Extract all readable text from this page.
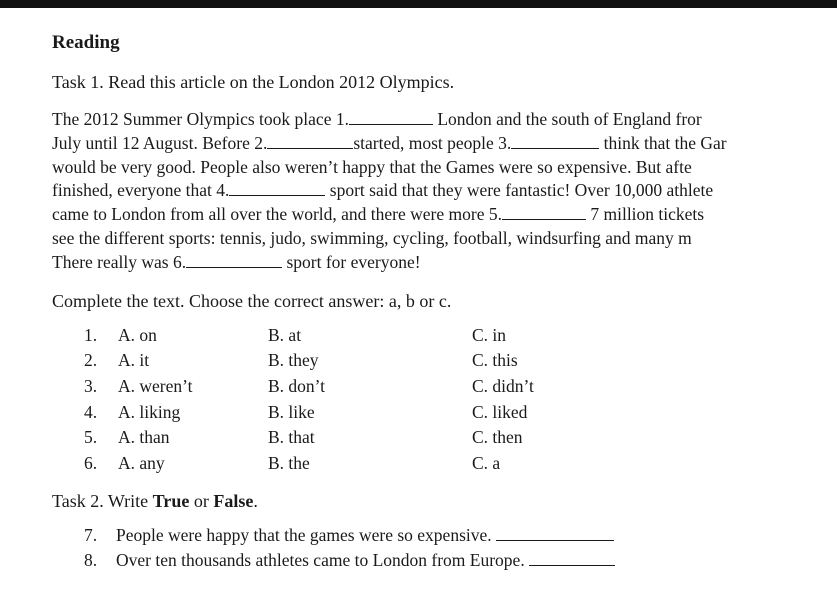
Reading
Task 1. Read this article on the London 2012 Olympics.
The 2012 Summer Olympics took place 1.	London and the south of England fror
July until 12 August. Before 2.	started, most people 3.	think that the Gar
would be very good. People also weren’t happy that the Games were so expensive. But afte
finished, everyone that 4.	sport said that they were fantastic! Over 10,000 athlete
came to London from all over the world, and there were more 5.	7 million tickets
see the different sports: tennis, judo, swimming, cycling, football, windsurfing and many m
There really was 6.	sport for everyone!
Complete the text. Choose the correct answer: a, b or c.
1. A. on	B. at	C. in
2. A. it	B. they	C. this
3. A. weren’t	B. don’t	C. didn’t
4. A. liking	B. like	C. liked
5. A. than	B. that	C. then
6. A. any	B. the	C. a
Task 2. Write True or False.
7. People were happy that the games were so expensive.
8. Over ten thousands athletes came to London from Europe.
